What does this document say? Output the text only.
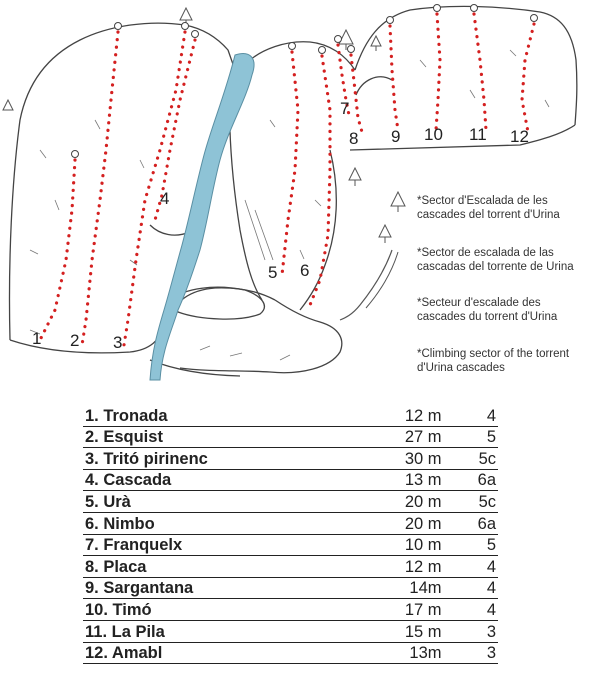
1 2 3
4
5 6
7
8 9 10 11 12
*Sector d'Escalada de les cascades del torrent d'Urina
*Sector de escalada de las cascadas del torrente de Urina
*Secteur d'escalade des cascades du torrent d'Urina
*Climbing sector of the torrent d'Urina cascades
1. Tronada	12 m	4
2. Esquist	27 m	5
3. Tritó pirinenc	30 m	5c
4. Cascada	13 m	6a
5. Urà	20 m	5c
6. Nimbo	20 m	6a
7. Franquelx	10 m	5
8. Placa	12 m	4
9. Sargantana	14m	4
10. Timó	17 m	4
11. La Pila	15 m	3
12. Amabl	13m	3
